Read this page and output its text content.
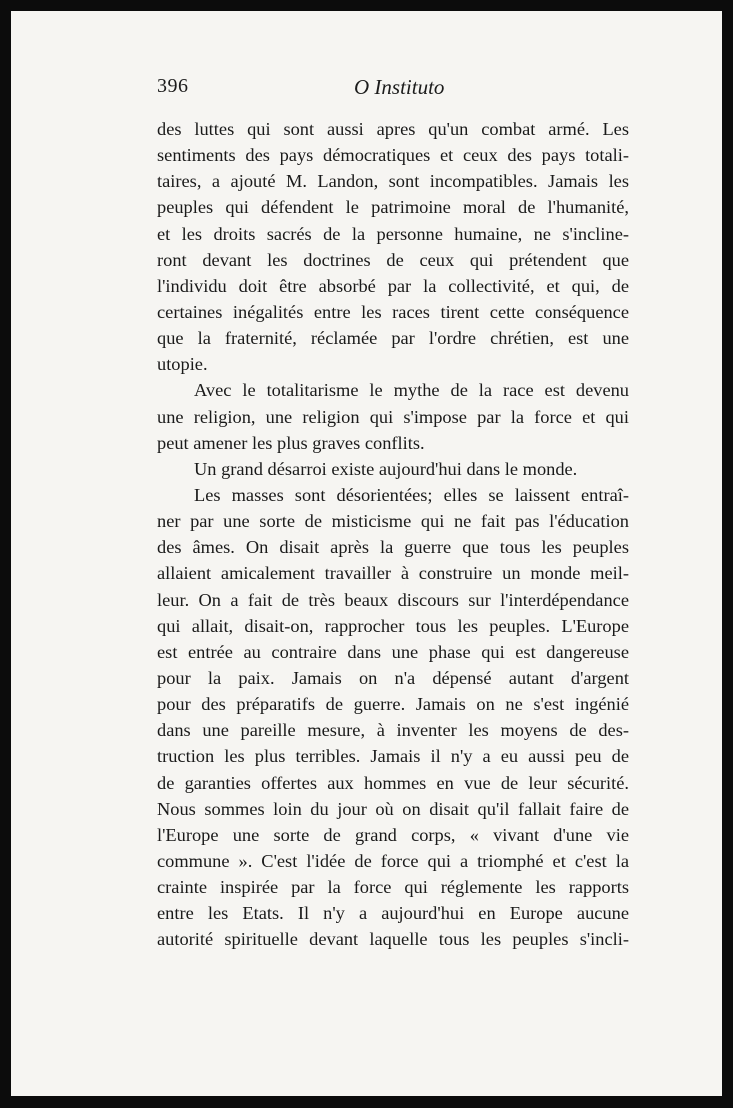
396	O Instituto
des luttes qui sont aussi apres qu'un combat armé. Les
sentiments des pays démocratiques et ceux des pays totali-
taires, a ajouté M. Landon, sont incompatibles. Jamais les
peuples qui défendent le patrimoine moral de l'humanité,
et les droits sacrés de la personne humaine, ne s'incline-
ront devant les doctrines de ceux qui prétendent que
l'individu doit être absorbé par la collectivité, et qui, de
certaines inégalités entre les races tirent cette conséquence
que la fraternité, réclamée par l'ordre chrétien, est une
utopie.
Avec le totalitarisme le mythe de la race est devenu
une religion, une religion qui s'impose par la force et qui
peut amener les plus graves conflits.
Un grand désarroi existe aujourd'hui dans le monde.
Les masses sont désorientées; elles se laissent entraî-
ner par une sorte de misticisme qui ne fait pas l'éducation
des âmes. On disait après la guerre que tous les peuples
allaient amicalement travailler à construire un monde meil-
leur. On a fait de très beaux discours sur l'interdépendance
qui allait, disait-on, rapprocher tous les peuples. L'Europe
est entrée au contraire dans une phase qui est dangereuse
pour la paix. Jamais on n'a dépensé autant d'argent
pour des préparatifs de guerre. Jamais on ne s'est ingénié
dans une pareille mesure, à inventer les moyens de des-
truction les plus terribles. Jamais il n'y a eu aussi peu de
de garanties offertes aux hommes en vue de leur sécurité.
Nous sommes loin du jour où on disait qu'il fallait faire de
l'Europe une sorte de grand corps, « vivant d'une vie
commune ». C'est l'idée de force qui a triomphé et c'est la
crainte inspirée par la force qui réglemente les rapports
entre les Etats. Il n'y a aujourd'hui en Europe aucune
autorité spirituelle devant laquelle tous les peuples s'incli-
